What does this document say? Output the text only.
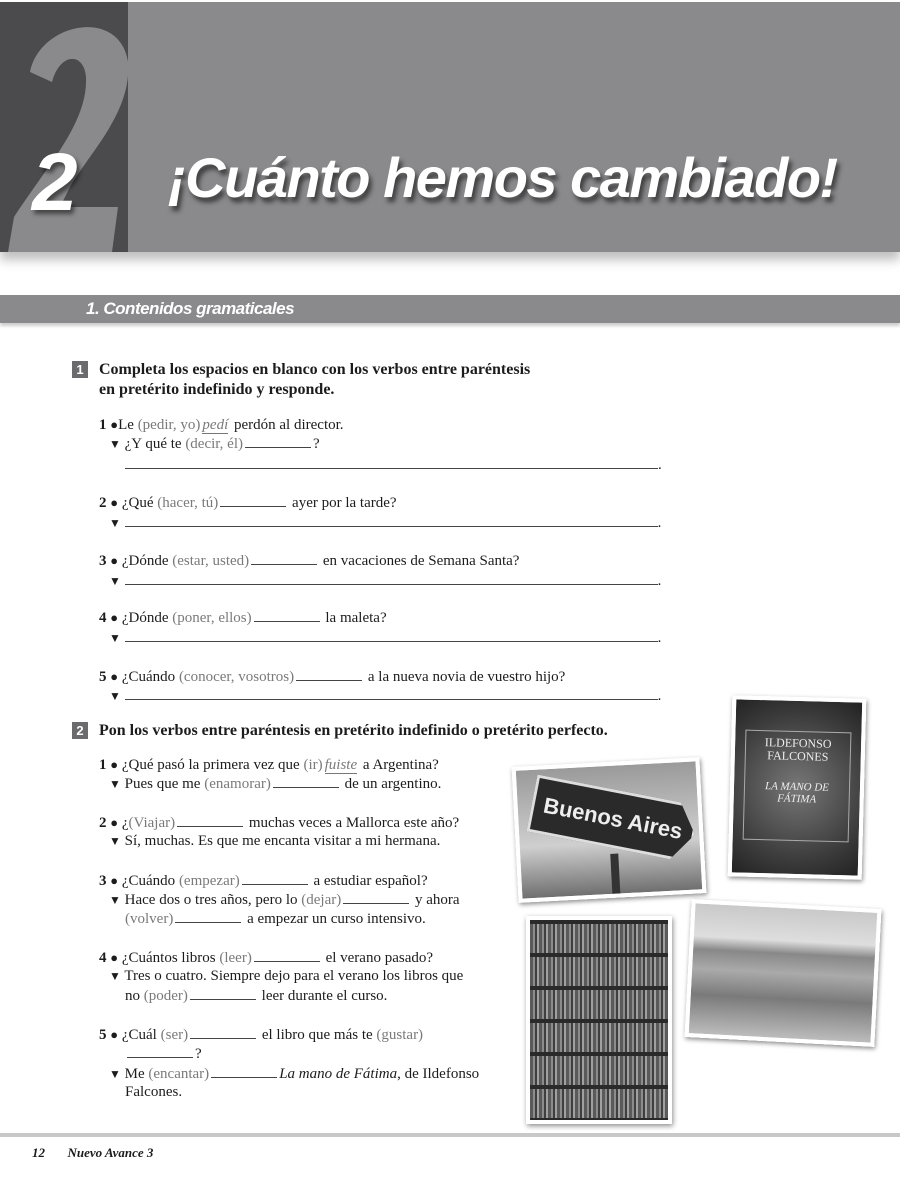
2 ¡Cuánto hemos cambiado!
1. Contenidos gramaticales
1 Completa los espacios en blanco con los verbos entre paréntesis
en pretérito indefinido y responde.
1 ●Le (pedir, yo) pedí perdón al director.
▼ ¿Y qué te (decir, él)	?
.
2 ● ¿Qué (hacer, tú)	ayer por la tarde?
▼	.
3 ● ¿Dónde (estar, usted)	en vacaciones de Semana Santa?
▼	.
4 ● ¿Dónde (poner, ellos)	la maleta?
▼	.
5 ● ¿Cuándo (conocer, vosotros)	a la nueva novia de vuestro hijo?
▼	.
2 Pon los verbos entre paréntesis en pretérito indefinido o pretérito perfecto.
1 ● ¿Qué pasó la primera vez que (ir) fuiste a Argentina?
▼ Pues que me (enamorar)	de un argentino.
2 ● ¿(Viajar)	muchas veces a Mallorca este año?
▼ Sí, muchas. Es que me encanta visitar a mi hermana.
3 ● ¿Cuándo (empezar)	a estudiar español?
▼ Hace dos o tres años, pero lo (dejar)	y ahora
(volver)	a empezar un curso intensivo.
4 ● ¿Cuántos libros (leer)	el verano pasado?
▼ Tres o cuatro. Siempre dejo para el verano los libros que
no (poder)	leer durante el curso.
5 ● ¿Cuál (ser)	el libro que más te (gustar)
?
▼ Me (encantar)	La mano de Fátima, de Ildefonso
Falcones.
Buenos Aires
ILDEFONSO FALCONES
LA MANO DE FÁTIMA
12 Nuevo Avance 3
